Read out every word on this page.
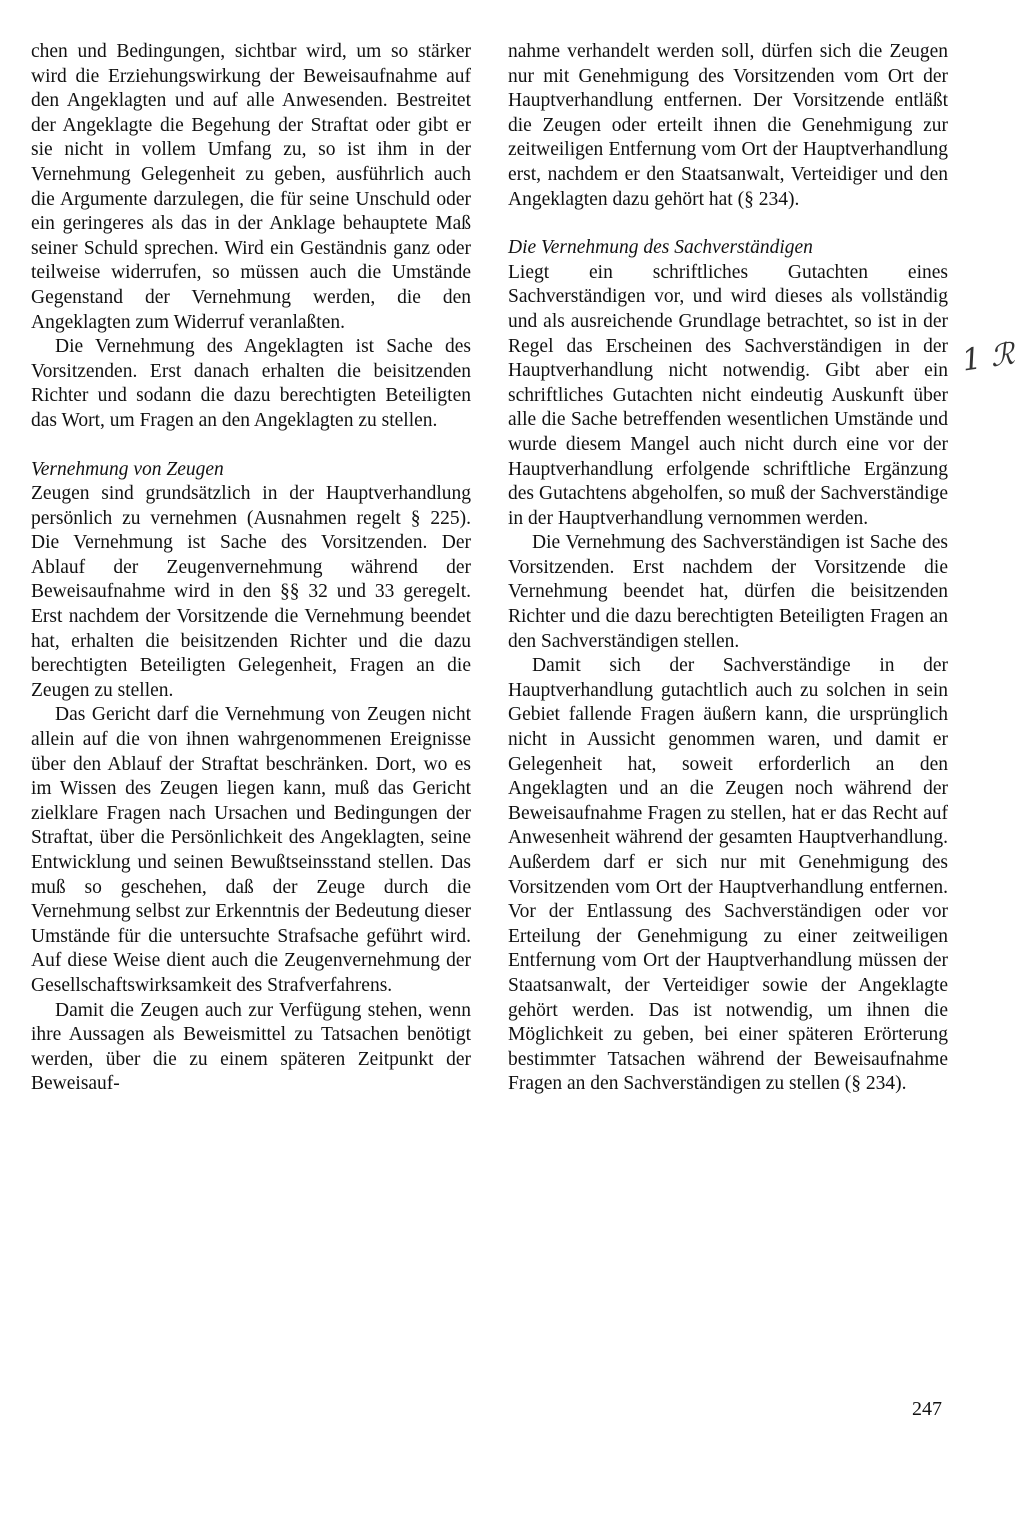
chen und Bedingungen, sichtbar wird, um so stärker wird die Erziehungswirkung der Beweisaufnahme auf den Angeklagten und auf alle Anwesenden. Bestreitet der Angeklagte die Begehung der Straftat oder gibt er sie nicht in vollem Umfang zu, so ist ihm in der Vernehmung Gelegenheit zu geben, ausführlich auch die Argumente darzulegen, die für seine Unschuld oder ein geringeres als das in der Anklage behauptete Maß seiner Schuld sprechen. Wird ein Geständnis ganz oder teilweise widerrufen, so müssen auch die Umstände Gegenstand der Vernehmung werden, die den Angeklagten zum Widerruf veranlaßten.

Die Vernehmung des Angeklagten ist Sache des Vorsitzenden. Erst danach erhalten die beisitzenden Richter und sodann die dazu berechtigten Beteiligten das Wort, um Fragen an den Angeklagten zu stellen.

Vernehmung von Zeugen

Zeugen sind grundsätzlich in der Hauptverhandlung persönlich zu vernehmen (Ausnahmen regelt § 225). Die Vernehmung ist Sache des Vorsitzenden. Der Ablauf der Zeugenvernehmung während der Beweisaufnahme wird in den §§ 32 und 33 geregelt. Erst nachdem der Vorsitzende die Vernehmung beendet hat, erhalten die beisitzenden Richter und die dazu berechtigten Beteiligten Gelegenheit, Fragen an die Zeugen zu stellen.

Das Gericht darf die Vernehmung von Zeugen nicht allein auf die von ihnen wahrgenommenen Ereignisse über den Ablauf der Straftat beschränken. Dort, wo es im Wissen des Zeugen liegen kann, muß das Gericht zielklare Fragen nach Ursachen und Bedingungen der Straftat, über die Persönlichkeit des Angeklagten, seine Entwicklung und seinen Bewußtseinsstand stellen. Das muß so geschehen, daß der Zeuge durch die Vernehmung selbst zur Erkenntnis der Bedeutung dieser Umstände für die untersuchte Strafsache geführt wird. Auf diese Weise dient auch die Zeugenvernehmung der Gesellschaftswirksamkeit des Strafverfahrens.

Damit die Zeugen auch zur Verfügung stehen, wenn ihre Aussagen als Beweismittel zu Tatsachen benötigt werden, über die zu einem späteren Zeitpunkt der Beweisauf-

nahme verhandelt werden soll, dürfen sich die Zeugen nur mit Genehmigung des Vorsitzenden vom Ort der Hauptverhandlung entfernen. Der Vorsitzende entläßt die Zeugen oder erteilt ihnen die Genehmigung zur zeitweiligen Entfernung vom Ort der Hauptverhandlung erst, nachdem er den Staatsanwalt, Verteidiger und den Angeklagten dazu gehört hat (§ 234).

Die Vernehmung des Sachverständigen

Liegt ein schriftliches Gutachten eines Sachverständigen vor, und wird dieses als vollständig und als ausreichende Grundlage betrachtet, so ist in der Regel das Erscheinen des Sachverständigen in der Hauptverhandlung nicht notwendig. Gibt aber ein schriftliches Gutachten nicht eindeutig Auskunft über alle die Sache betreffenden wesentlichen Umstände und wurde diesem Mangel auch nicht durch eine vor der Hauptverhandlung erfolgende schriftliche Ergänzung des Gutachtens abgeholfen, so muß der Sachverständige in der Hauptverhandlung vernommen werden.

Die Vernehmung des Sachverständigen ist Sache des Vorsitzenden. Erst nachdem der Vorsitzende die Vernehmung beendet hat, dürfen die beisitzenden Richter und die dazu berechtigten Beteiligten Fragen an den Sachverständigen stellen.

Damit sich der Sachverständige in der Hauptverhandlung gutachtlich auch zu solchen in sein Gebiet fallende Fragen äußern kann, die ursprünglich nicht in Aussicht genommen waren, und damit er Gelegenheit hat, soweit erforderlich an den Angeklagten und an die Zeugen noch während der Beweisaufnahme Fragen zu stellen, hat er das Recht auf Anwesenheit während der gesamten Hauptverhandlung. Außerdem darf er sich nur mit Genehmigung des Vorsitzenden vom Ort der Hauptverhandlung entfernen. Vor der Entlassung des Sachverständigen oder vor Erteilung der Genehmigung zu einer zeitweiligen Entfernung vom Ort der Hauptverhandlung müssen der Staatsanwalt, der Verteidiger sowie der Angeklagte gehört werden. Das ist notwendig, um ihnen die Möglichkeit zu geben, bei einer späteren Erörterung bestimmter Tatsachen während der Beweisaufnahme Fragen an den Sachverständigen zu stellen (§ 234).

1 ℛ
247
